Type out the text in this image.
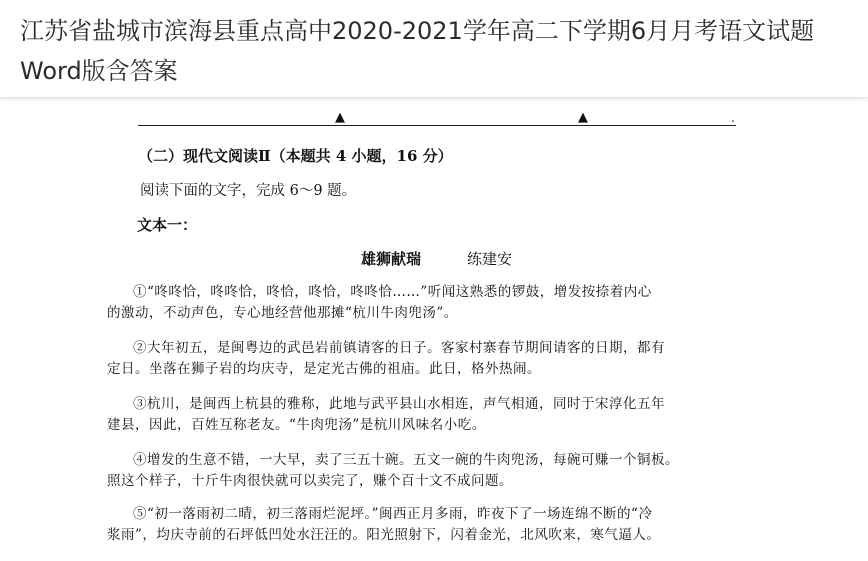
江苏省盐城市滨海县重点高中2020-2021学年高二下学期6月月考语文试题Word版含答案
▲	▲	.
（二）现代文阅读Ⅱ（本题共 4 小题，16 分）
阅读下面的文字，完成 6～9 题。
文本一：
雄狮献瑞	练建安
①“咚咚恰，咚咚恰，咚恰，咚恰，咚咚恰……”听闻这熟悉的锣鼓，增发按捺着内心
的激动，不动声色，专心地经营他那摊“杭川牛肉兜汤”。
②大年初五，是闽粤边的武邑岩前镇请客的日子。客家村寨春节期间请客的日期，都有
定日。坐落在狮子岩的均庆寺，是定光古佛的祖庙。此日，格外热闹。
③杭川，是闽西上杭县的雅称，此地与武平县山水相连，声气相通，同时于宋淳化五年
建县，因此，百姓互称老友。“牛肉兜汤”是杭川风味名小吃。
④增发的生意不错，一大早，卖了三五十碗。五文一碗的牛肉兜汤，每碗可赚一个铜板。
照这个样子，十斤牛肉很快就可以卖完了，赚个百十文不成问题。
⑤“初一落雨初二晴，初三落雨烂泥坪。”闽西正月多雨，昨夜下了一场连绵不断的“冷
浆雨”，均庆寺前的石坪低凹处水汪汪的。阳光照射下，闪着金光，北风吹来，寒气逼人。
